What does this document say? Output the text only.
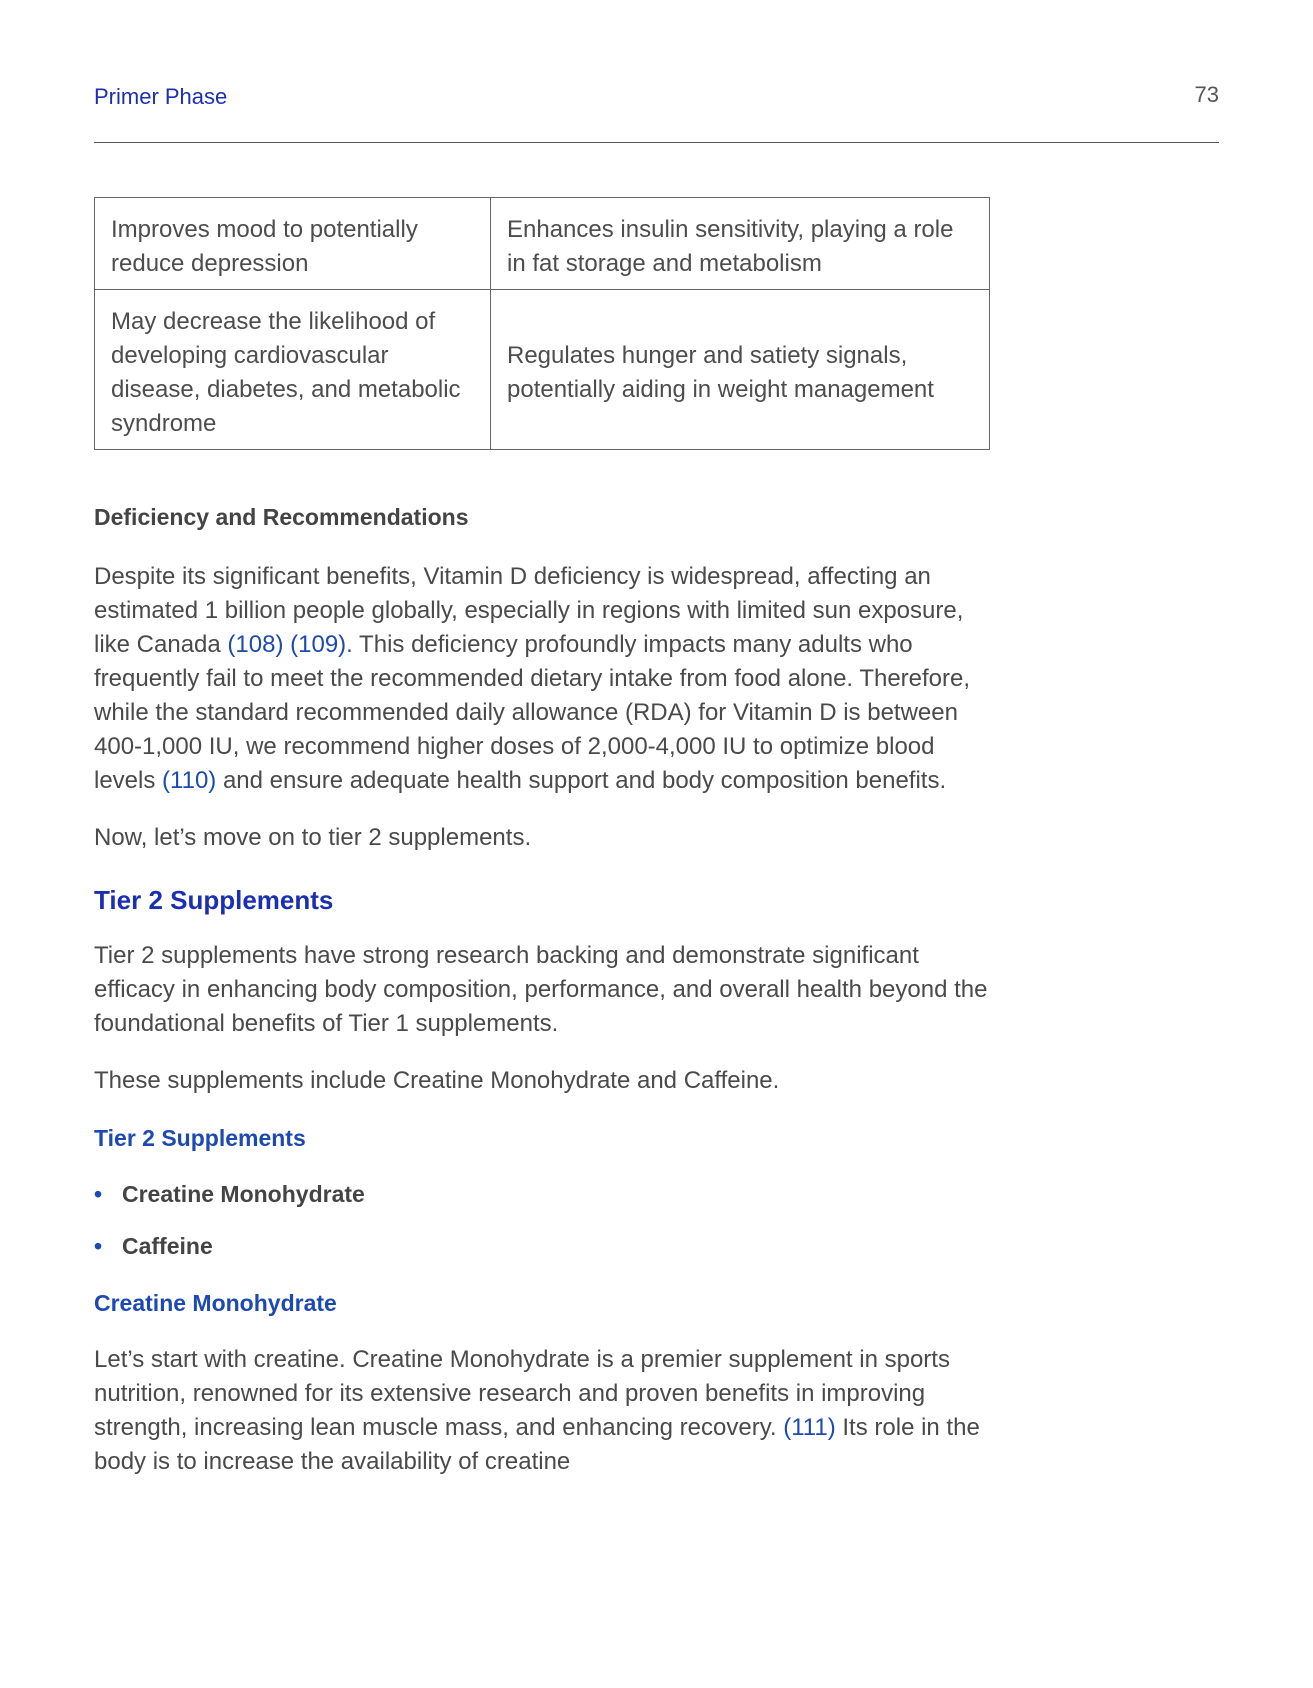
Primer Phase	73
Improves mood to potentially reduce depression	Enhances insulin sensitivity, playing a role in fat storage and metabolism
May decrease the likelihood of developing cardiovascular disease, diabetes, and metabolic syndrome	Regulates hunger and satiety signals, potentially aiding in weight management

Deficiency and Recommendations

Despite its significant benefits, Vitamin D deficiency is widespread, affecting an estimated 1 billion people globally, especially in regions with limited sun exposure, like Canada (108) (109). This deficiency profoundly impacts many adults who frequently fail to meet the recommended dietary intake from food alone. Therefore, while the standard recommended daily allowance (RDA) for Vitamin D is between 400-1,000 IU, we recommend higher doses of 2,000-4,000 IU to optimize blood levels (110) and ensure adequate health support and body composition benefits.

Now, let’s move on to tier 2 supplements.

Tier 2 Supplements

Tier 2 supplements have strong research backing and demonstrate significant efficacy in enhancing body composition, performance, and overall health beyond the foundational benefits of Tier 1 supplements.

These supplements include Creatine Monohydrate and Caffeine.

Tier 2 Supplements

• Creatine Monohydrate
• Caffeine

Creatine Monohydrate

Let’s start with creatine. Creatine Monohydrate is a premier supplement in sports nutrition, renowned for its extensive research and proven benefits in improving strength, increasing lean muscle mass, and enhancing recovery. (111) Its role in the body is to increase the availability of creatine
